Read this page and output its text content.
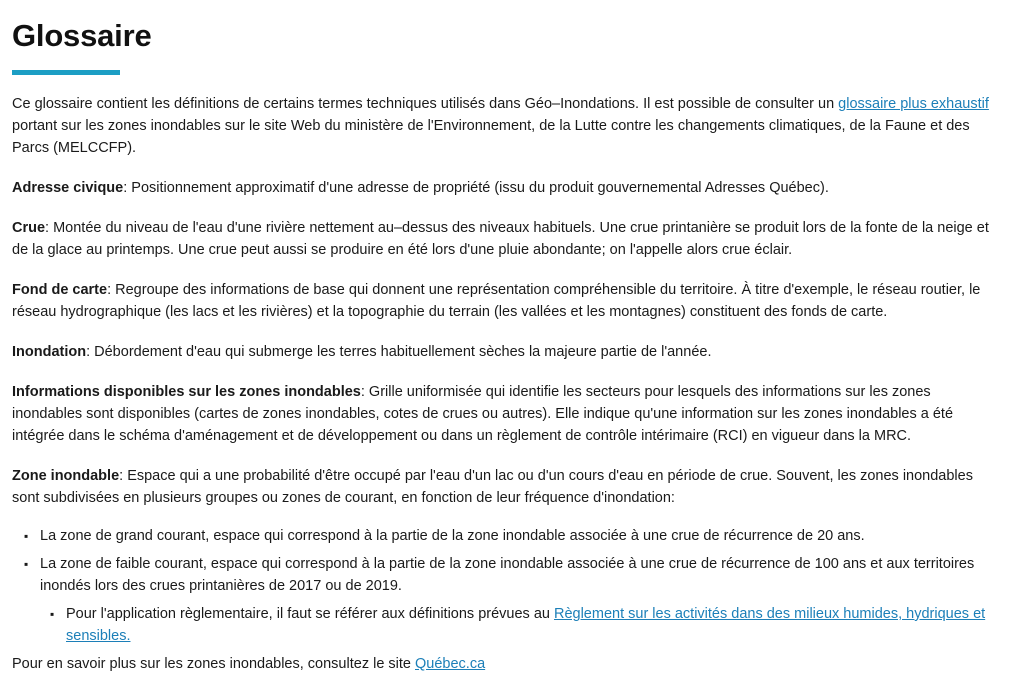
Glossaire

Ce glossaire contient les définitions de certains termes techniques utilisés dans Géo–Inondations. Il est possible de consulter un glossaire plus exhaustif portant sur les zones inondables sur le site Web du ministère de l'Environnement, de la Lutte contre les changements climatiques, de la Faune et des Parcs (MELCCFP).

Adresse civique: Positionnement approximatif d'une adresse de propriété (issu du produit gouvernemental Adresses Québec).

Crue: Montée du niveau de l'eau d'une rivière nettement au–dessus des niveaux habituels. Une crue printanière se produit lors de la fonte de la neige et de la glace au printemps. Une crue peut aussi se produire en été lors d'une pluie abondante; on l'appelle alors crue éclair.

Fond de carte: Regroupe des informations de base qui donnent une représentation compréhensible du territoire. À titre d'exemple, le réseau routier, le réseau hydrographique (les lacs et les rivières) et la topographie du terrain (les vallées et les montagnes) constituent des fonds de carte.

Inondation: Débordement d'eau qui submerge les terres habituellement sèches la majeure partie de l'année.

Informations disponibles sur les zones inondables: Grille uniformisée qui identifie les secteurs pour lesquels des informations sur les zones inondables sont disponibles (cartes de zones inondables, cotes de crues ou autres). Elle indique qu'une information sur les zones inondables a été intégrée dans le schéma d'aménagement et de développement ou dans un règlement de contrôle intérimaire (RCI) en vigueur dans la MRC.

Zone inondable: Espace qui a une probabilité d'être occupé par l'eau d'un lac ou d'un cours d'eau en période de crue. Souvent, les zones inondables sont subdivisées en plusieurs groupes ou zones de courant, en fonction de leur fréquence d'inondation:

▪ La zone de grand courant, espace qui correspond à la partie de la zone inondable associée à une crue de récurrence de 20 ans.
▪ La zone de faible courant, espace qui correspond à la partie de la zone inondable associée à une crue de récurrence de 100 ans et aux territoires inondés lors des crues printanières de 2017 ou de 2019.
▪ Pour l'application règlementaire, il faut se référer aux définitions prévues au Règlement sur les activités dans des milieux humides, hydriques et sensibles.

Pour en savoir plus sur les zones inondables, consultez le site Québec.ca
